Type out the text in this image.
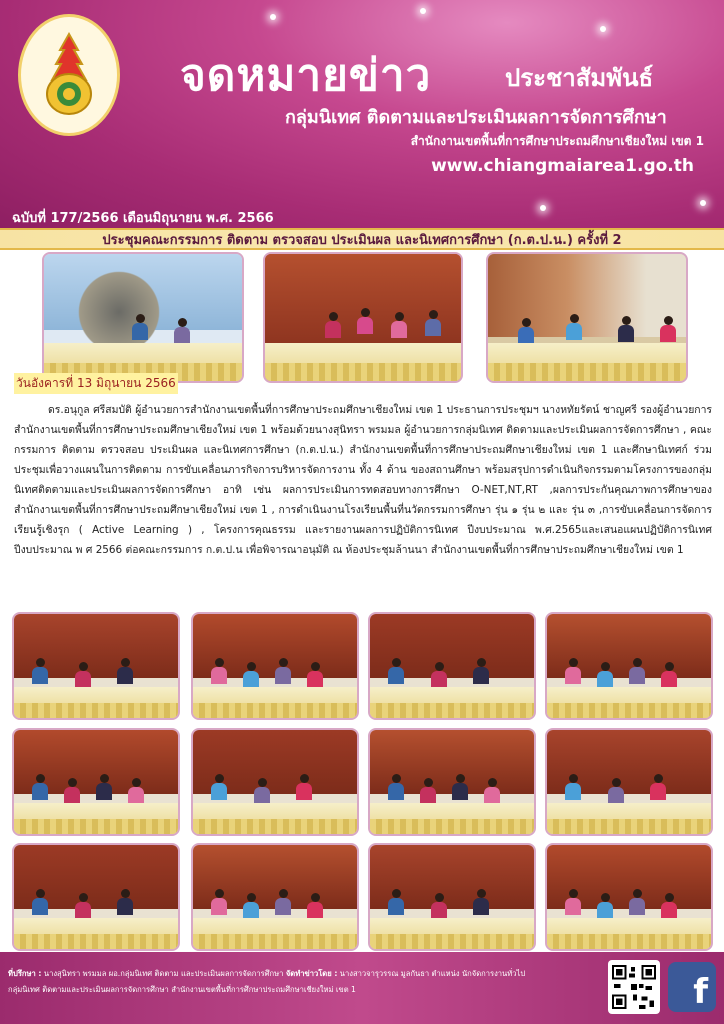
จดหมายข่าว	ประชาสัมพันธ์
กลุ่มนิเทศ ติดตามและประเมินผลการจัดการศึกษา
สำนักงานเขตพื้นที่การศึกษาประถมศึกษาเชียงใหม่ เขต 1
www.chiangmaiarea1.go.th
ฉบับที่ 177/2566 เดือนมิถุนายน พ.ศ. 2566
ประชุมคณะกรรมการ ติดตาม ตรวจสอบ ประเมินผล และนิเทศการศึกษา (ก.ต.ป.น.) ครั้งที่ 2
วันอังคารที่ 13 มิถุนายน 2566
ดร.อนุกูล ศรีสมบัติ ผู้อำนวยการสำนักงานเขตพื้นที่การศึกษาประถมศึกษาเชียงใหม่ เขต 1 ประธานการประชุมฯ นางหทัยรัตน์ ชาญศรี รองผู้อำนวยการสำนักงานเขตพื้นที่การศึกษาประถมศึกษาเชียงใหม่ เขต 1 พร้อมด้วยนางสุนิทรา พรมมล ผู้อำนวยการกลุ่มนิเทศ ติดตามและประเมินผลการจัดการศึกษา , คณะกรรมการ ติดตาม ตรวจสอบ ประเมินผล และนิเทศการศึกษา (ก.ต.ป.น.) สำนักงานเขตพื้นที่การศึกษาประถมศึกษาเชียงใหม่ เขต 1 และศึกษานิเทศก์ ร่วมประชุมเพื่อวางแผนในการติดตาม การขับเคลื่อนภารกิจการบริหารจัดการงาน ทั้ง 4 ด้าน ของสถานศึกษา พร้อมสรุปการดำเนินกิจกรรมตามโครงการของกลุ่มนิเทศติดตามและประเมินผลการจัดการศึกษา อาทิ เช่น ผลการประเมินการทดสอบทางการศึกษา O-NET,NT,RT ,ผลการประกันคุณภาพการศึกษาของ สำนักงานเขตพื้นที่การศึกษาประถมศึกษาเชียงใหม่ เขต 1 , การดำเนินงานโรงเรียนพื้นที่นวัตกรรมการศึกษา รุ่น ๑ รุ่น ๒ และ รุ่น ๓ ,การขับเคลื่อนการจัดการเรียนรู้เชิงรุก ( Active Learning ) , โครงการคุณธรรม และรายงานผลการปฏิบัติการนิเทศ ปีงบประมาณ พ.ศ.2565และเสนอแผนปฏิบัติการนิเทศ ปีงบประมาณ พ ศ 2566 ต่อคณะกรรมการ ก.ต.ป.น เพื่อพิจารณาอนุมัติ ณ ห้องประชุมล้านนา สำนักงานเขตพื้นที่การศึกษาประถมศึกษาเชียงใหม่ เขต 1
ที่ปรึกษา : นางสุนิทรา พรมมล ผอ.กลุ่มนิเทศ ติดตาม และประเมินผลการจัดการศึกษา จัดทำข่าวโดย : นางสาวจารุวรรณ มูลกันธา ตำแหน่ง นักจัดการงานทั่วไป
กลุ่มนิเทศ ติดตามและประเมินผลการจัดการศึกษา สำนักงานเขตพื้นที่การศึกษาประถมศึกษาเชียงใหม่ เขต 1	f
